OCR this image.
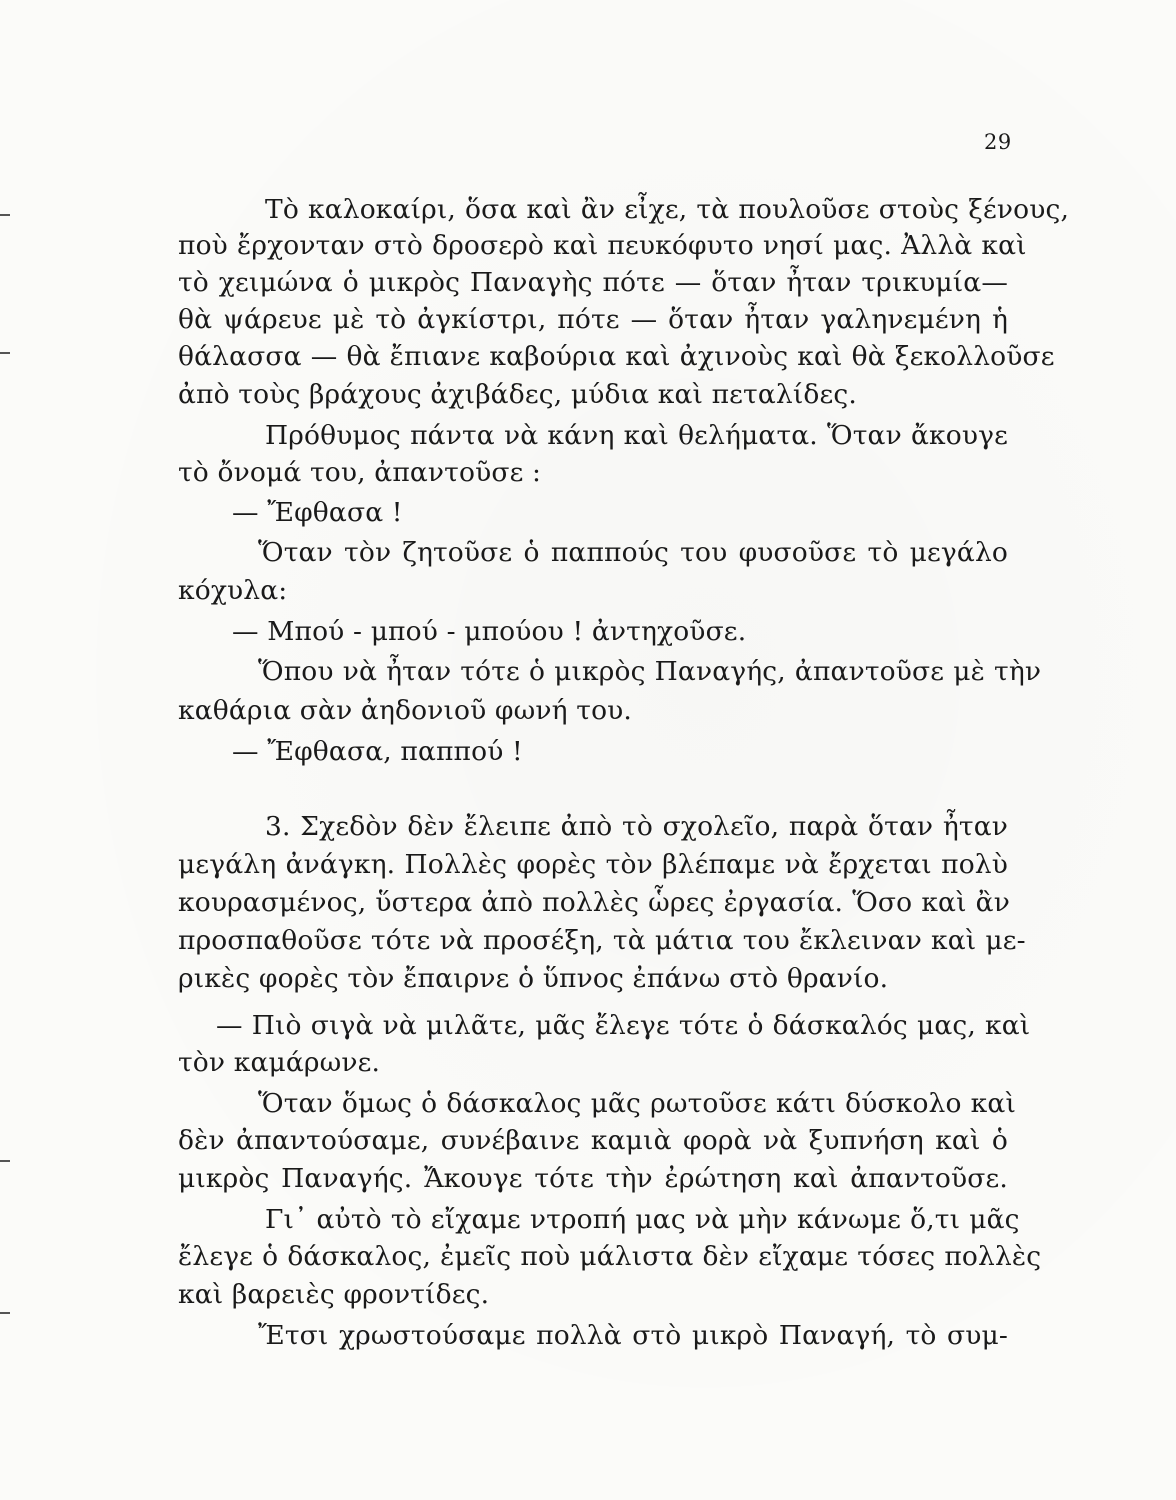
29
Τὸ καλοκαίρι, ὅσα καὶ ἂν εἶχε, τὰ πουλοῦσε στοὺς ξένους,
ποὺ ἔρχονταν στὸ δροσερὸ καὶ πευκόφυτο νησί μας. Ἀλλὰ καὶ
τὸ χειμώνα ὁ μικρὸς Παναγὴς πότε — ὅταν ἦταν τρικυμία—
θὰ ψάρευε μὲ τὸ ἀγκίστρι, πότε — ὅταν ἦταν γαληνεμένη ἡ
θάλασσα — θὰ ἔπιανε καβούρια καὶ ἀχινοὺς καὶ θὰ ξεκολλοῦσε
ἀπὸ τοὺς βράχους ἀχιβάδες, μύδια καὶ πεταλίδες.
Πρόθυμος πάντα νὰ κάνη καὶ θελήματα. Ὅταν ἄκουγε
τὸ ὄνομά του, ἀπαντοῦσε :
— Ἔφθασα !
Ὅταν τὸν ζητοῦσε ὁ παππούς του φυσοῦσε τὸ μεγάλο
κόχυλα:
— Μπού - μπού - μπούου ! ἀντηχοῦσε.
Ὅπου νὰ ἦταν τότε ὁ μικρὸς Παναγής, ἀπαντοῦσε μὲ τὴν
καθάρια σὰν ἀηδονιοῦ φωνή του.
— Ἔφθασα, παππού !
3. Σχεδὸν δὲν ἔλειπε ἀπὸ τὸ σχολεῖο, παρὰ ὅταν ἦταν
μεγάλη ἀνάγκη. Πολλὲς φορὲς τὸν βλέπαμε νὰ ἔρχεται πολὺ
κουρασμένος, ὕστερα ἀπὸ πολλὲς ὧρες ἐργασία. Ὅσο καὶ ἂν
προσπαθοῦσε τότε νὰ προσέξη, τὰ μάτια του ἔκλειναν καὶ με-
ρικὲς φορὲς τὸν ἔπαιρνε ὁ ὕπνος ἐπάνω στὸ θρανίο.
— Πιὸ σιγὰ νὰ μιλᾶτε, μᾶς ἔλεγε τότε ὁ δάσκαλός μας, καὶ
τὸν καμάρωνε.
Ὅταν ὅμως ὁ δάσκαλος μᾶς ρωτοῦσε κάτι δύσκολο καὶ
δὲν ἀπαντούσαμε, συνέβαινε καμιὰ φορὰ νὰ ξυπνήση καὶ ὁ
μικρὸς Παναγής. Ἄκουγε τότε τὴν ἐρώτηση καὶ ἀπαντοῦσε.
Γι᾿ αὐτὸ τὸ εἴχαμε ντροπή μας νὰ μὴν κάνωμε ὅ,τι μᾶς
ἔλεγε ὁ δάσκαλος, ἐμεῖς ποὺ μάλιστα δὲν εἴχαμε τόσες πολλὲς
καὶ βαρειὲς φροντίδες.
Ἔτσι χρωστούσαμε πολλὰ στὸ μικρὸ Παναγή, τὸ συμ-
